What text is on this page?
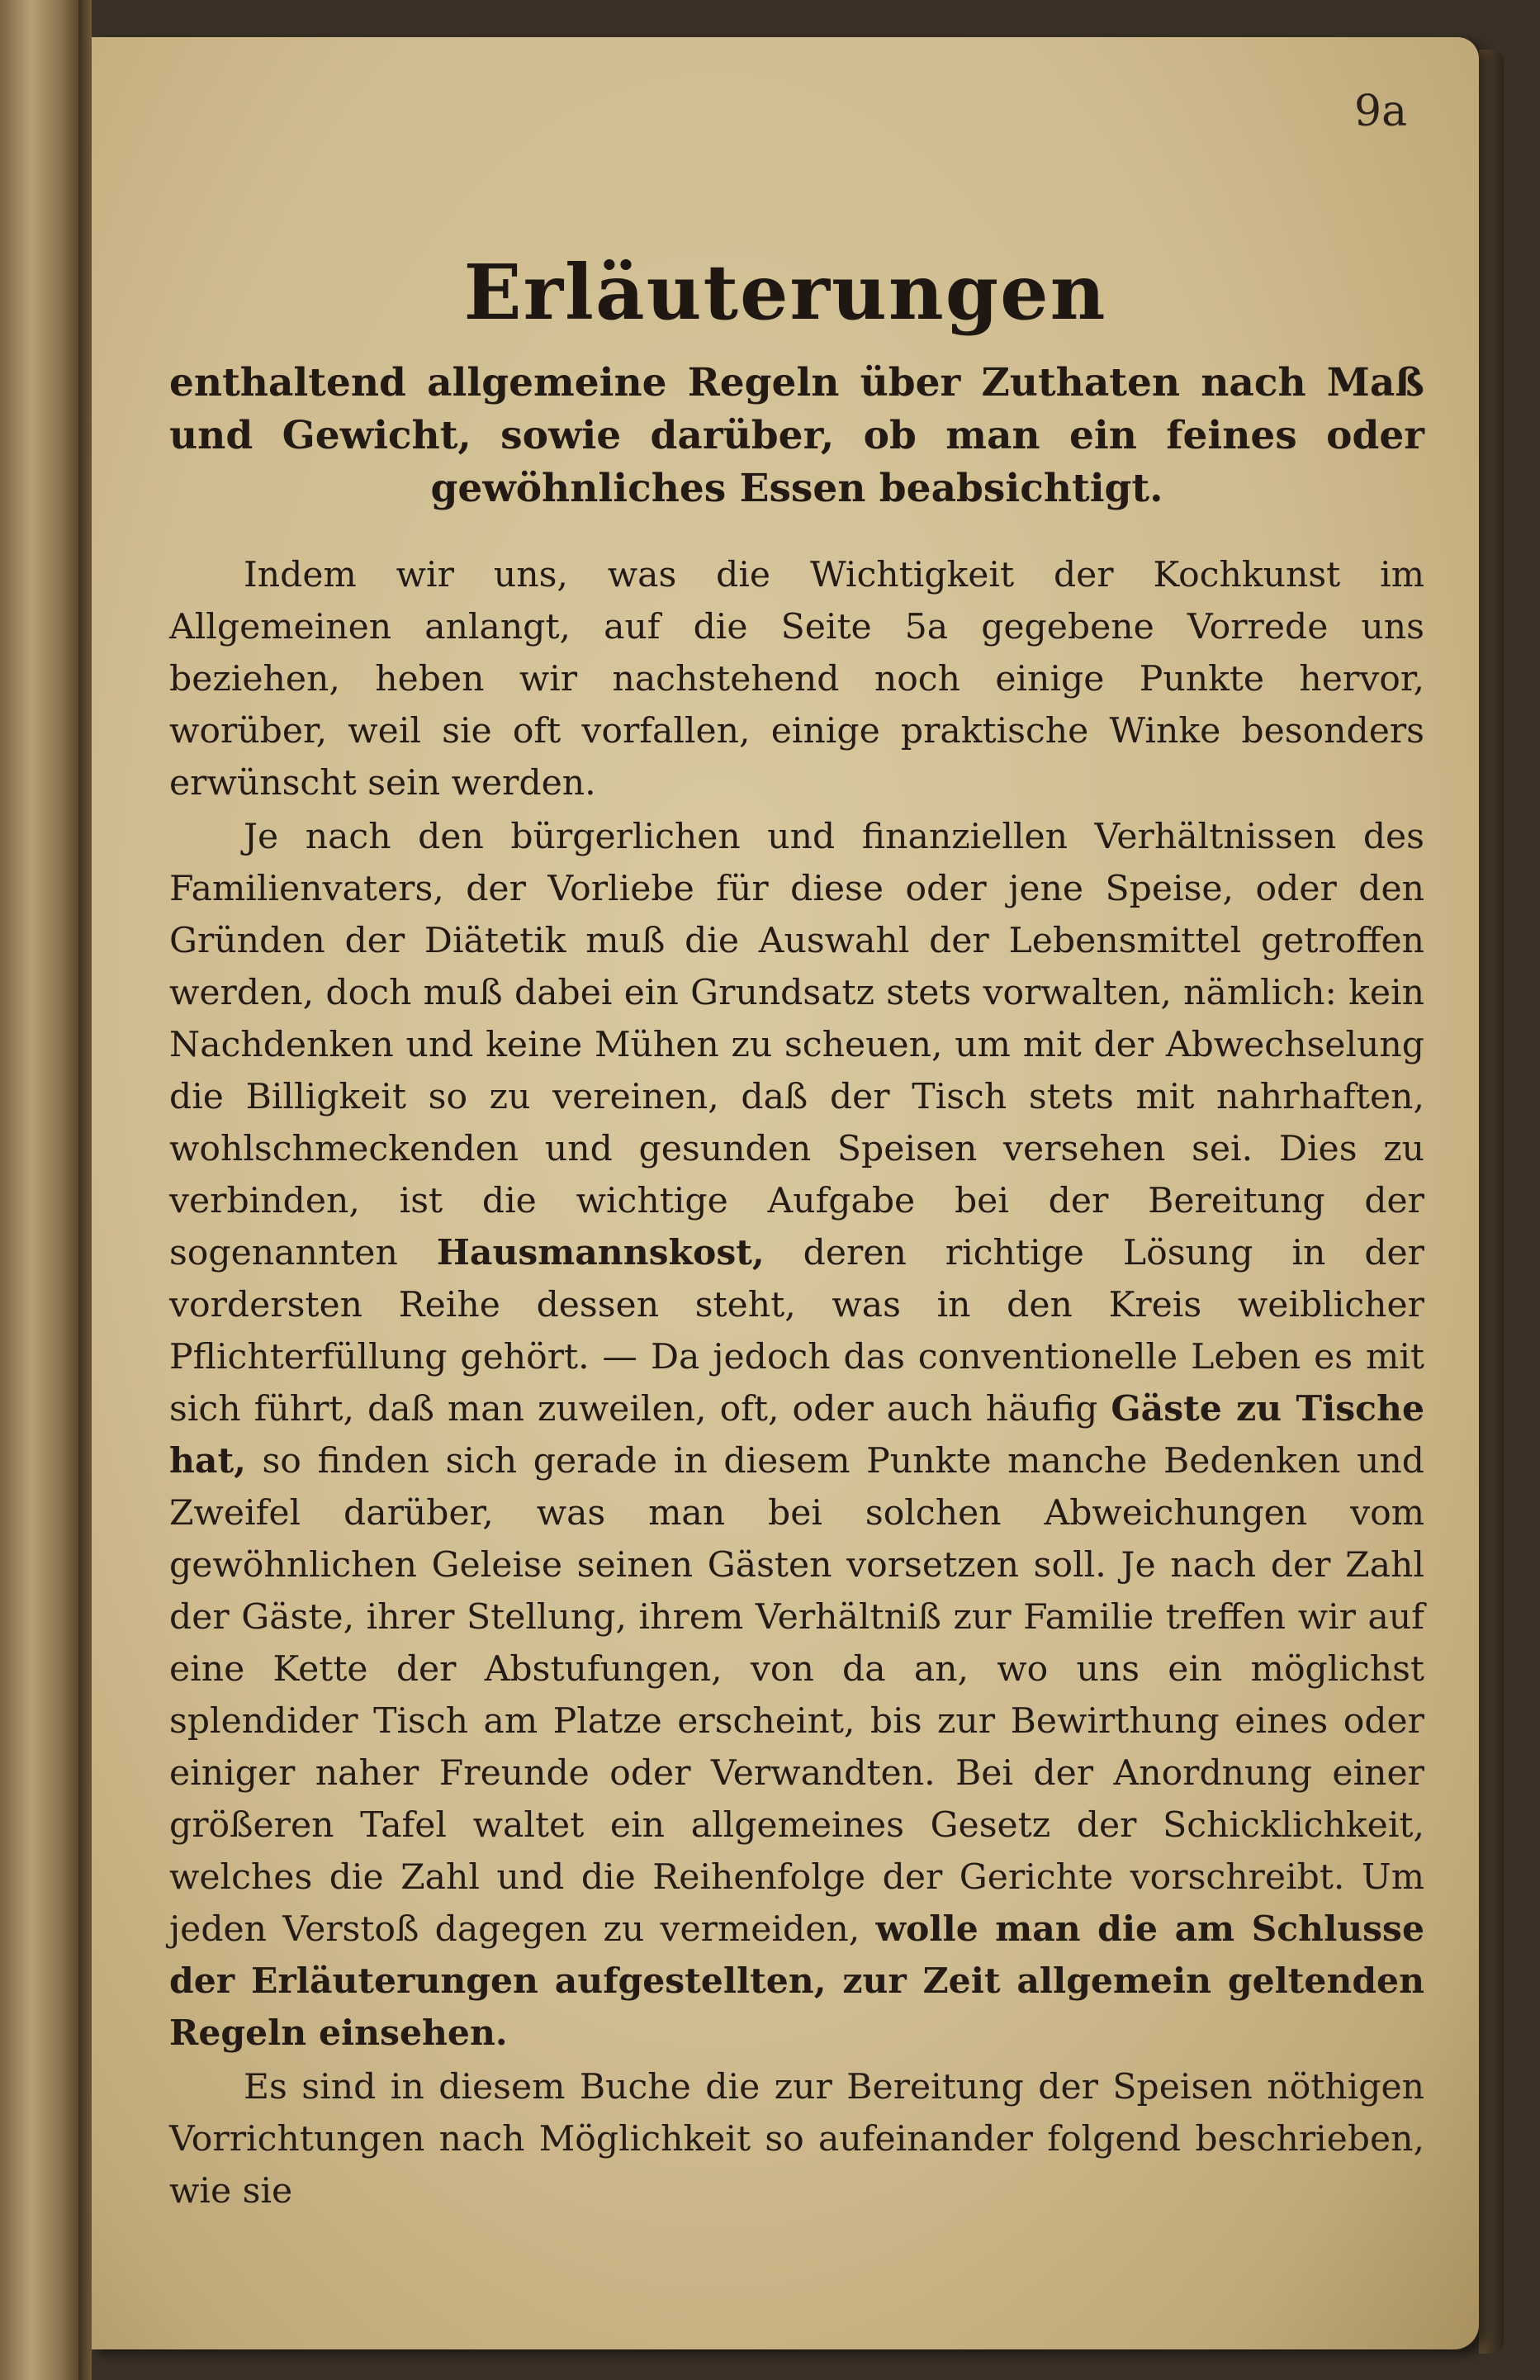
9a
Erläuterungen
enthaltend allgemeine Regeln über Zuthaten nach Maß und Gewicht, sowie darüber, ob man ein feines oder gewöhnliches Essen beabsichtigt.

Indem wir uns, was die Wichtigkeit der Kochkunst im Allgemeinen anlangt, auf die Seite 5a gegebene Vorrede uns beziehen, heben wir nachstehend noch einige Punkte hervor, worüber, weil sie oft vorfallen, einige praktische Winke besonders erwünscht sein werden.

Je nach den bürgerlichen und finanziellen Verhältnissen des Familienvaters, der Vorliebe für diese oder jene Speise, oder den Gründen der Diätetik muß die Auswahl der Lebensmittel getroffen werden, doch muß dabei ein Grundsatz stets vorwalten, nämlich: kein Nachdenken und keine Mühen zu scheuen, um mit der Abwechselung die Billigkeit so zu vereinen, daß der Tisch stets mit nahrhaften, wohlschmeckenden und gesunden Speisen versehen sei. Dies zu verbinden, ist die wichtige Aufgabe bei der Bereitung der sogenannten Hausmannskost, deren richtige Lösung in der vordersten Reihe dessen steht, was in den Kreis weiblicher Pflichterfüllung gehört. — Da jedoch das conventionelle Leben es mit sich führt, daß man zuweilen, oft, oder auch häufig Gäste zu Tische hat, so finden sich gerade in diesem Punkte manche Bedenken und Zweifel darüber, was man bei solchen Abweichungen vom gewöhnlichen Geleise seinen Gästen vorsetzen soll. Je nach der Zahl der Gäste, ihrer Stellung, ihrem Verhältniß zur Familie treffen wir auf eine Kette der Abstufungen, von da an, wo uns ein möglichst splendider Tisch am Platze erscheint, bis zur Bewirthung eines oder einiger naher Freunde oder Verwandten. Bei der Anordnung einer größeren Tafel waltet ein allgemeines Gesetz der Schicklichkeit, welches die Zahl und die Reihenfolge der Gerichte vorschreibt. Um jeden Verstoß dagegen zu vermeiden, wolle man die am Schlusse der Erläuterungen aufgestellten, zur Zeit allgemein geltenden Regeln einsehen.

Es sind in diesem Buche die zur Bereitung der Speisen nöthigen Vorrichtungen nach Möglichkeit so aufeinander folgend beschrieben, wie sie
